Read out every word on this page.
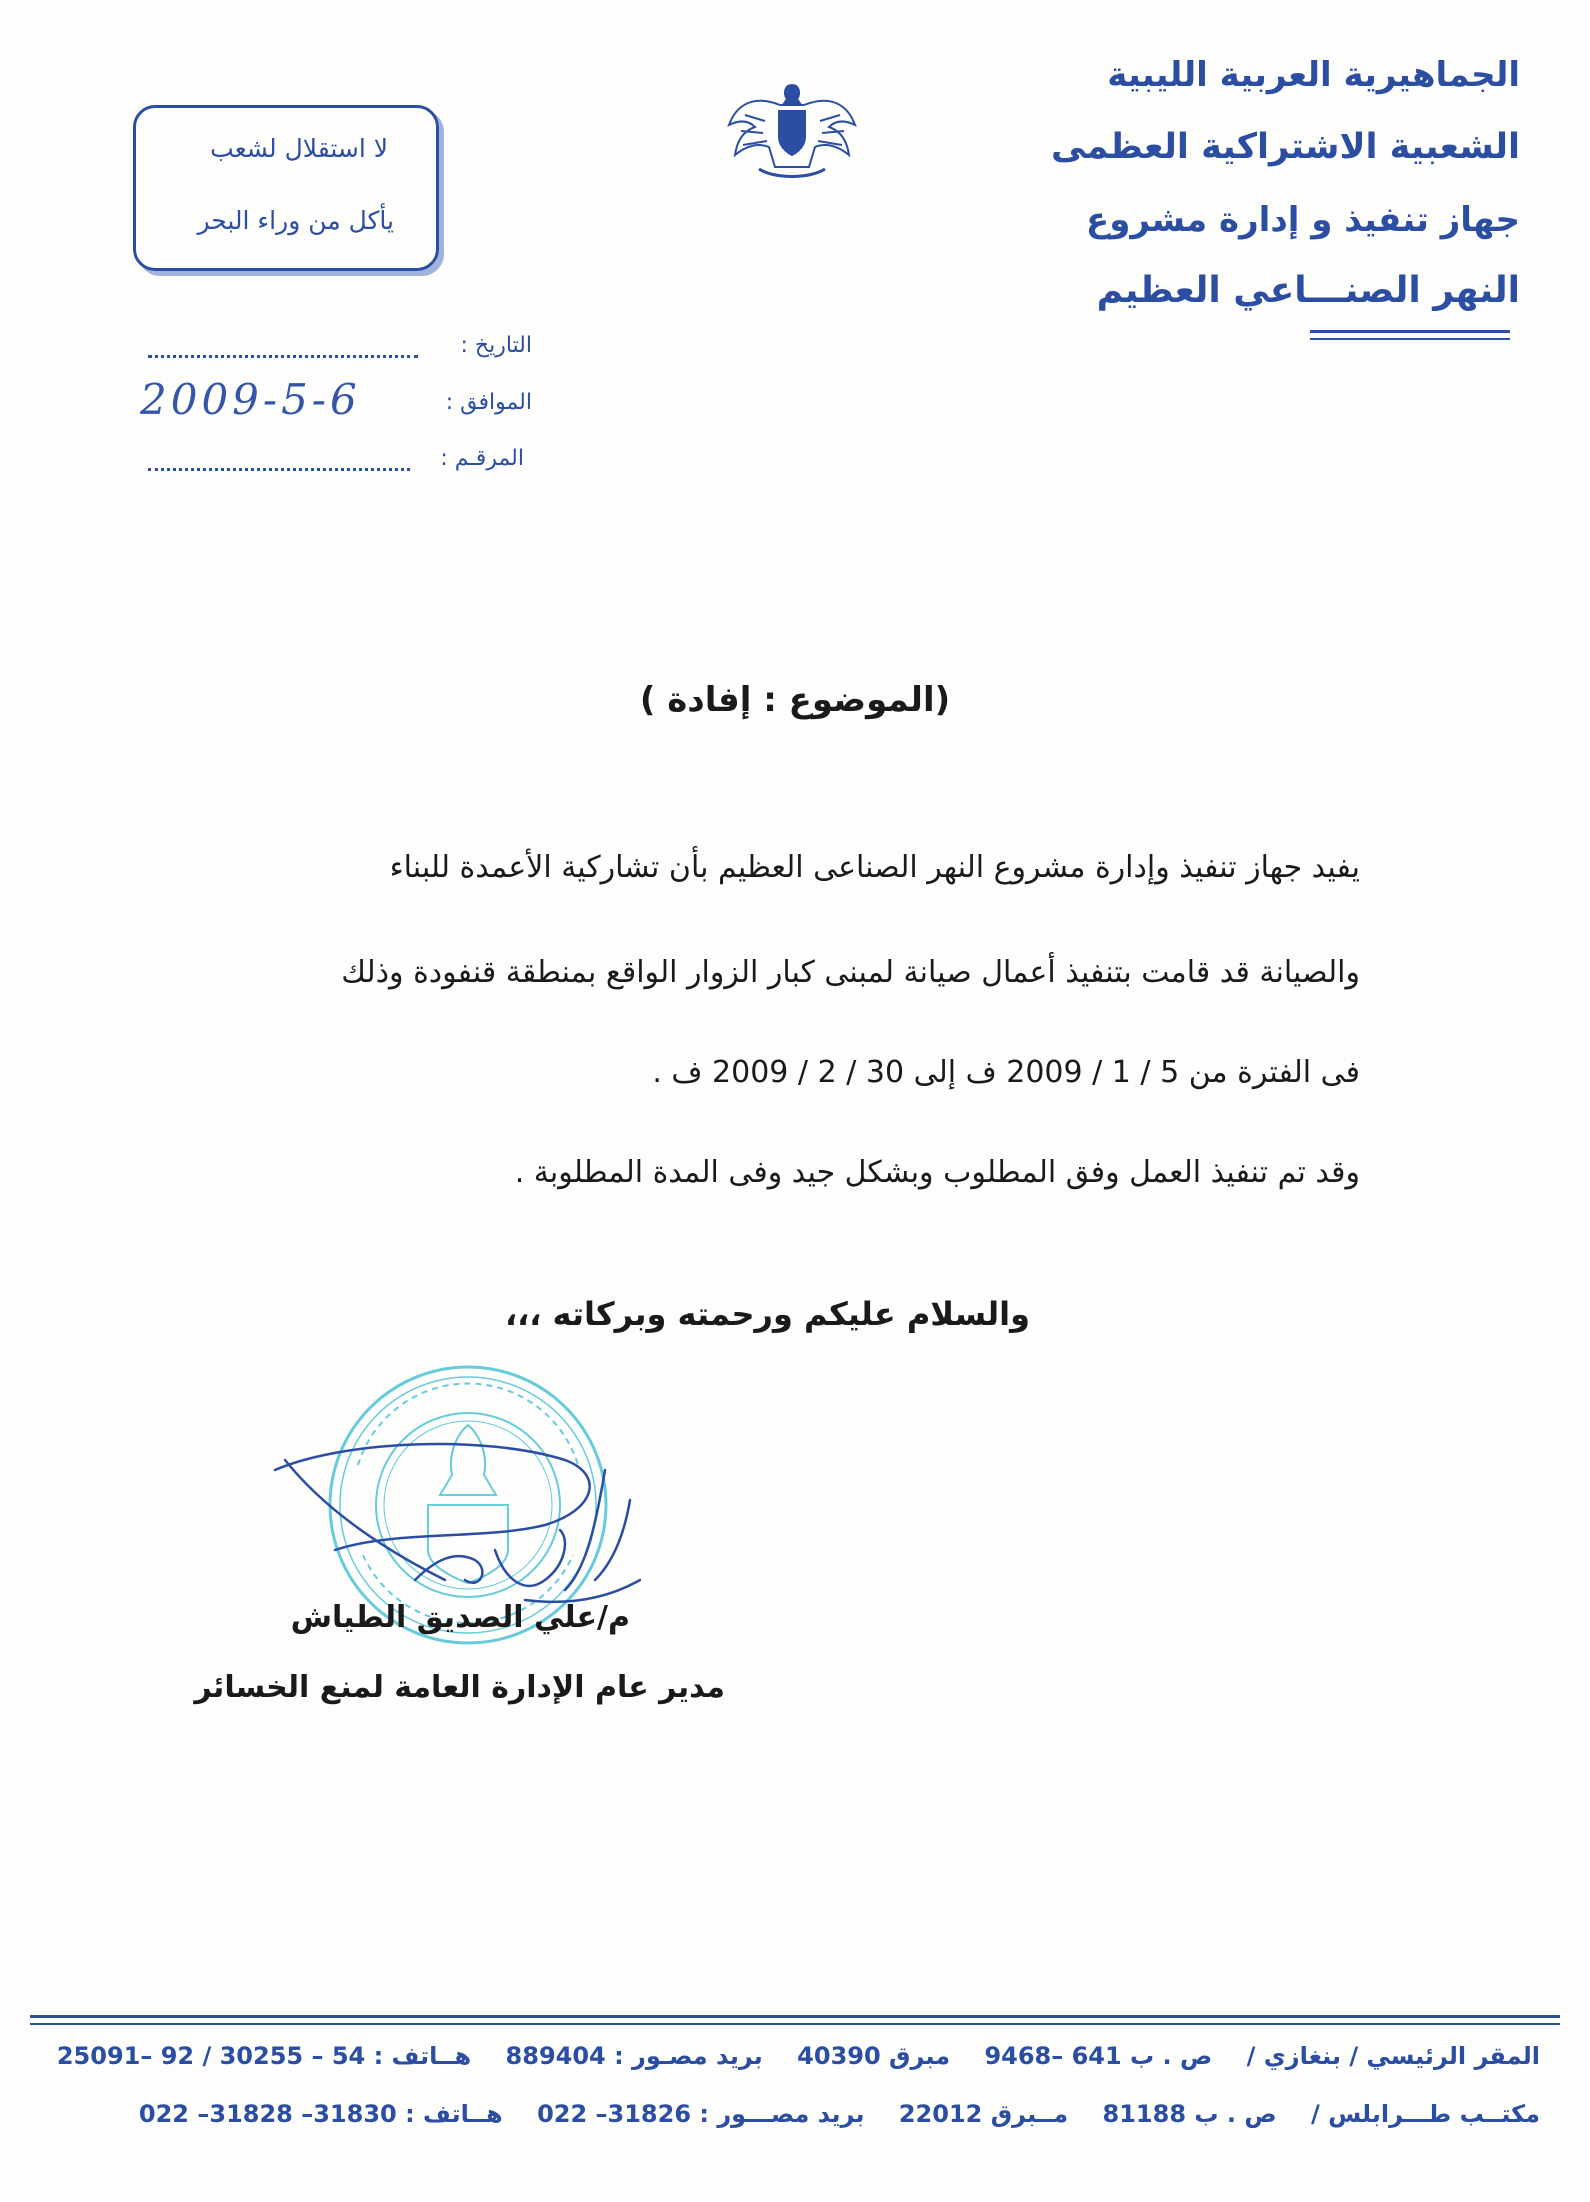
الجماهيرية العربية الليبية
الشعبية الاشتراكية العظمى
جهاز تنفيذ و إدارة مشروع
النهر الصنـــاعي العظيم
لا استقلال لشعب
يأكل من وراء البحر
التاريخ :
الموافق :
2009-5-6
المرقـم :
(الموضوع : إفادة )
يفيد جهاز تنفيذ وإدارة مشروع النهر الصناعى العظيم بأن تشاركية الأعمدة للبناء
والصيانة قد قامت بتنفيذ أعمال صيانة لمبنى كبار الزوار الواقع بمنطقة قنفودة وذلك
فى الفترة من 5 / 1 / 2009 ف إلى 30 / 2 / 2009 ف .
وقد تم تنفيذ العمل وفق المطلوب وبشكل جيد وفى المدة المطلوبة .
والسلام عليكم ورحمته وبركاته ،،،
م/علي الصديق الطياش
مدير عام الإدارة العامة لمنع الخسائر
المقر الرئيسي / بنغازي / ص . ب 641 –9468 مبرق 40390 بريد مصـور : 889404 هــاتف : 54 – 30255 / 92 –25091
مكتــب طـــرابلس / ص . ب 81188 مــبرق 22012 بريد مصـــور : 31826– 022 هــاتف : 31830– 31828– 022
